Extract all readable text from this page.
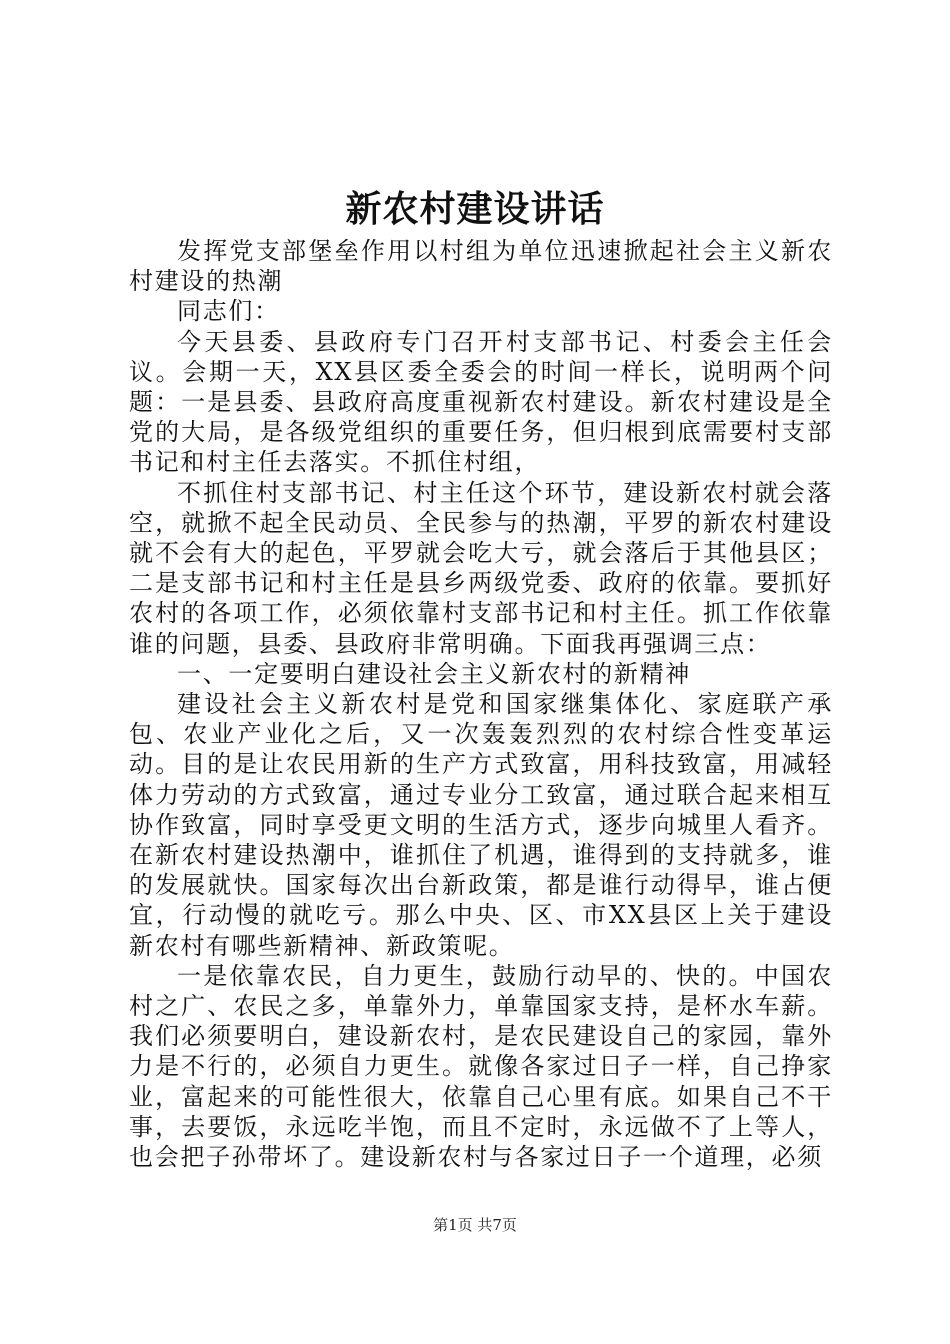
新农村建设讲话

发挥党支部堡垒作用以村组为单位迅速掀起社会主义新农村建设的热潮

同志们：

今天县委、县政府专门召开村支部书记、村委会主任会议。会期一天，XX县区委全委会的时间一样长，说明两个问题：一是县委、县政府高度重视新农村建设。新农村建设是全党的大局，是各级党组织的重要任务，但归根到底需要村支部书记和村主任去落实。不抓住村组，

不抓住村支部书记、村主任这个环节，建设新农村就会落空，就掀不起全民动员、全民参与的热潮，平罗的新农村建设就不会有大的起色，平罗就会吃大亏，就会落后于其他县区；二是支部书记和村主任是县乡两级党委、政府的依靠。要抓好农村的各项工作，必须依靠村支部书记和村主任。抓工作依靠谁的问题，县委、县政府非常明确。下面我再强调三点：

一、一定要明白建设社会主义新农村的新精神

建设社会主义新农村是党和国家继集体化、家庭联产承包、农业产业化之后，又一次轰轰烈烈的农村综合性变革运动。目的是让农民用新的生产方式致富，用科技致富，用减轻体力劳动的方式致富，通过专业分工致富，通过联合起来相互协作致富，同时享受更文明的生活方式，逐步向城里人看齐。在新农村建设热潮中，谁抓住了机遇，谁得到的支持就多，谁的发展就快。国家每次出台新政策，都是谁行动得早，谁占便宜，行动慢的就吃亏。那么中央、区、市XX县区上关于建设新农村有哪些新精神、新政策呢。

一是依靠农民，自力更生，鼓励行动早的、快的。中国农村之广、农民之多，单靠外力，单靠国家支持，是杯水车薪。我们必须要明白，建设新农村，是农民建设自己的家园，靠外力是不行的，必须自力更生。就像各家过日子一样，自己挣家业，富起来的可能性很大，依靠自己心里有底。如果自己不干事，去要饭，永远吃半饱，而且不定时，永远做不了上等人，也会把子孙带坏了。建设新农村与各家过日子一个道理，必须

第1页 共7页
